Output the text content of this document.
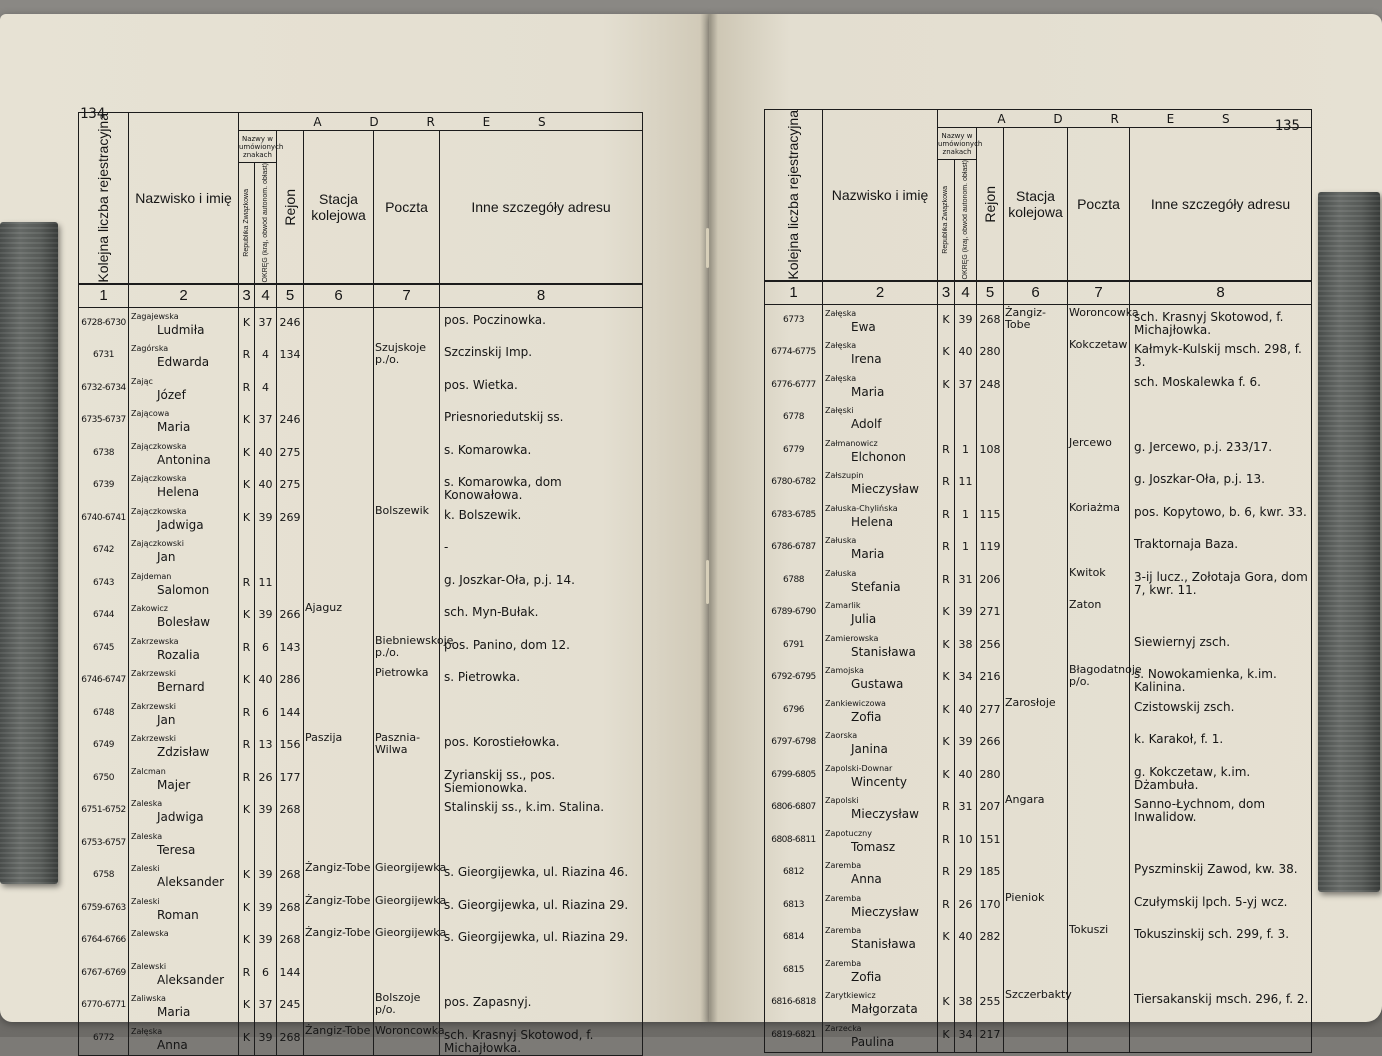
134
Kolejna liczba rejestracyjna	Nazwisko i imię	A D R E S					
		Nazwy w umówionych znakach		Rejon	Stacja kolejowa	Poczta	Inne szczegóły adresu

		Republika Związkowa	OKRĘG (kraj, obwód autonom. obłast)				

1	2	3	4	5	6	7	8
6728-6730	Zagajewska
Ludmiła	K	37	246			pos. Poczinowka.
6731	Zagórska
Edwarda	R	4	134		Szujskoje p./o.	Szczinskij Imp.
6732-6734	Zając
Józef	R	4				pos. Wietka.
6735-6737	Zającowa
Maria	K	37	246			Priesnoriedutskij ss.
6738	Zajączkowska
Antonina	K	40	275			s. Komarowka.
6739	Zajączkowska
Helena	K	40	275			s. Komarowka, dom Konowałowa.
6740-6741	Zajączkowska
Jadwiga	K	39	269		Bolszewik	k. Bolszewik.
6742	Zajączkowski
Jan						-
6743	Zajdeman
Salomon	R	11				g. Joszkar-Oła, p.j. 14.
6744	Zakowicz
Bolesław	K	39	266	Ajaguz		sch. Myn-Bułak.
6745	Zakrzewska
Rozalia	R	6	143		Biebniewskoje p./o.	pos. Panino, dom 12.
6746-6747	Zakrzewski
Bernard	K	40	286		Pietrowka	s. Pietrowka.
6748	Zakrzewski
Jan	R	6	144			
6749	Zakrzewski
Zdzisław	R	13	156	Paszija	Pasznia-Wilwa	pos. Korostiełowka.
6750	Zalcman
Majer	R	26	177			Zyrianskij ss., pos. Siemionowka.
6751-6752	Zaleska
Jadwiga	K	39	268			Stalinskij ss., k.im. Stalina.
6753-6757	Zaleska
Teresa						

6758	Zaleski
Aleksander	K	39	268	Żangiz-Tobe	Gieorgijewka	s. Gieorgijewka, ul. Riazina 46.
6759-6763	Zaleski
Roman	K	39	268	Żangiz-Tobe	Gieorgijewka	s. Gieorgijewka, ul. Riazina 29.
6764-6766	Zalewska	K	39	268	Żangiz-Tobe	Gieorgijewka	s. Gieorgijewka, ul. Riazina 29.
6767-6769	Zalewski
Aleksander	R	6	144			
6770-6771	Zaliwska
Maria	K	37	245		Bolszoje p/o.	pos. Zapasnyj.
6772	Załęska
Anna	K	39	268	Żangiz-Tobe	Woroncowka	sch. Krasnyj Skotowod, f. Michajłowka.
135
Kolejna liczba rejestracyjna	Nazwisko i imię	A D R E S					
		Nazwy w umówionych znakach		Rejon	Stacja kolejowa	Poczta	Inne szczegóły adresu

		Republika Związkowa	OKRĘG (kraj, obwód autonom. obłast)				

1	2	3	4	5	6	7	8
6773	Załęska
Ewa	K	39	268	Żangiz-Tobe	Woroncowka	sch. Krasnyj Skotowod, f. Michajłowka.
6774-6775	Załęska
Irena	K	40	280		Kokczetaw	Kałmyk-Kulskij msch. 298, f. 3.
6776-6777	Załęska
Maria	K	37	248			sch. Moskalewka f. 6.
6778	Załęski
Adolf						

6779	Załmanowicz
Elchonon	R	1	108		Jercewo	g. Jercewo, p.j. 233/17.
6780-6782	Załszupin
Mieczysław	R	11				g. Joszkar-Oła, p.j. 13.
6783-6785	Załuska-Chylińska
Helena	R	1	115		Koriażma	pos. Kopytowo, b. 6, kwr. 33.
6786-6787	Załuska
Maria	R	1	119			Traktornaja Baza.
6788	Załuska
Stefania	R	31	206		Kwitok	3-ij lucz., Zołotaja Gora, dom 7, kwr. 11.
6789-6790	Zamarlik
Julia	K	39	271		Zaton	
6791	Zamierowska
Stanisława	K	38	256			Siewiernyj zsch.
6792-6795	Zamojska
Gustawa	K	34	216		Błagodatnoje p/o.	s. Nowokamienka, k.im. Kalinina.
6796	Zankiewiczowa
Zofia	K	40	277	Zarosłoje		Czistowskij zsch.
6797-6798	Zaorska
Janina	K	39	266			k. Karakoł, f. 1.
6799-6805	Zapolski-Downar
Wincenty	K	40	280			g. Kokczetaw, k.im. Dżambuła.
6806-6807	Zapolski
Mieczysław	R	31	207	Angara		Sanno-Łychnom, dom Inwalidow.
6808-6811	Zapotuczny
Tomasz	R	10	151			
6812	Zaremba
Anna	R	29	185			Pyszminskij Zawod, kw. 38.
6813	Zaremba
Mieczysław	R	26	170	Pieniok		Czułymskij lpch. 5-yj wcz.
6814	Zaremba
Stanisława	K	40	282		Tokuszi	Tokuszinskij sch. 299, f. 3.
6815	Zaremba
Zofia						

6816-6818	Zarytkiewicz
Małgorzata	K	38	255	Szczerbakty		Tiersakanskij msch. 296, f. 2.
6819-6821	Zarzecka
Paulina	K	34	217			
